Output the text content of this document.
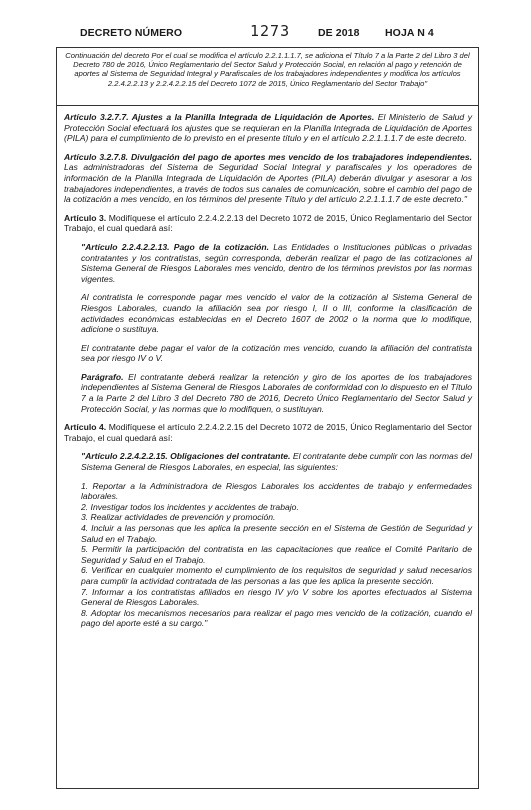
DECRETO NÚMERO	1273	DE 2018 HOJA N 4

Continuación del decreto Por el cual se modifica el artículo 2.2.1.1.1.7, se adiciona el Título 7 a la Parte 2 del Libro 3 del Decreto 780 de 2016, Único Reglamentario del Sector Salud y Protección Social, en relación al pago y retención de aportes al Sistema de Seguridad Integral y Parafiscales de los trabajadores independientes y modifica los artículos 2.2.4.2.2.13 y 2.2.4.2.2.15 del Decreto 1072 de 2015, Único Reglamentario del Sector Trabajo"

Artículo 3.2.7.7. Ajustes a la Planilla Integrada de Liquidación de Aportes. El Ministerio de Salud y Protección Social efectuará los ajustes que se requieran en la Planilla Integrada de Liquidación de Aportes (PILA) para el cumplimiento de lo previsto en el presente título y en el artículo 2.2.1.1.1.7 de este decreto.

Artículo 3.2.7.8. Divulgación del pago de aportes mes vencido de los trabajadores independientes. Las administradoras del Sistema de Seguridad Social Integral y parafiscales y los operadores de información de la Planilla Integrada de Liquidación de Aportes (PILA) deberán divulgar y asesorar a los trabajadores independientes, a través de todos sus canales de comunicación, sobre el cambio del pago de la cotización a mes vencido, en los términos del presente Título y del artículo 2.2.1.1.1.7 de este decreto."

Artículo 3. Modifíquese el artículo 2.2.4.2.2.13 del Decreto 1072 de 2015, Único Reglamentario del Sector Trabajo, el cual quedará así:

"Artículo 2.2.4.2.2.13. Pago de la cotización. Las Entidades o Instituciones públicas o privadas contratantes y los contratistas, según corresponda, deberán realizar el pago de las cotizaciones al Sistema General de Riesgos Laborales mes vencido, dentro de los términos previstos por las normas vigentes.

Al contratista le corresponde pagar mes vencido el valor de la cotización al Sistema General de Riesgos Laborales, cuando la afiliación sea por riesgo I, II o III, conforme la clasificación de actividades económicas establecidas en el Decreto 1607 de 2002 o la norma que lo modifique, adicione o sustituya.

El contratante debe pagar el valor de la cotización mes vencido, cuando la afiliación del contratista sea por riesgo IV o V.

Parágrafo. El contratante deberá realizar la retención y giro de los aportes de los trabajadores independientes al Sistema General de Riesgos Laborales de conformidad con lo dispuesto en el Título 7 a la Parte 2 del Libro 3 del Decreto 780 de 2016, Decreto Único Reglamentario del Sector Salud y Protección Social, y las normas que lo modifiquen, o sustituyan.

Artículo 4. Modifíquese el artículo 2.2.4.2.2.15 del Decreto 1072 de 2015, Único Reglamentario del Sector Trabajo, el cual quedará así:

"Artículo 2.2.4.2.2.15. Obligaciones del contratante. El contratante debe cumplir con las normas del Sistema General de Riesgos Laborales, en especial, las siguientes:

1. Reportar a la Administradora de Riesgos Laborales los accidentes de trabajo y enfermedades laborales.

2. Investigar todos los incidentes y accidentes de trabajo.

3. Realizar actividades de prevención y promoción.

4. Incluir a las personas que les aplica la presente sección en el Sistema de Gestión de Seguridad y Salud en el Trabajo.

5. Permitir la participación del contratista en las capacitaciones que realice el Comité Paritario de Seguridad y Salud en el Trabajo.

6. Verificar en cualquier momento el cumplimiento de los requisitos de seguridad y salud necesarios para cumplir la actividad contratada de las personas a las que les aplica la presente sección.

7. Informar a los contratistas afiliados en riesgo IV y/o V sobre los aportes efectuados al Sistema General de Riesgos Laborales.

8. Adoptar los mecanismos necesarios para realizar el pago mes vencido de la cotización, cuando el pago del aporte esté a su cargo."
